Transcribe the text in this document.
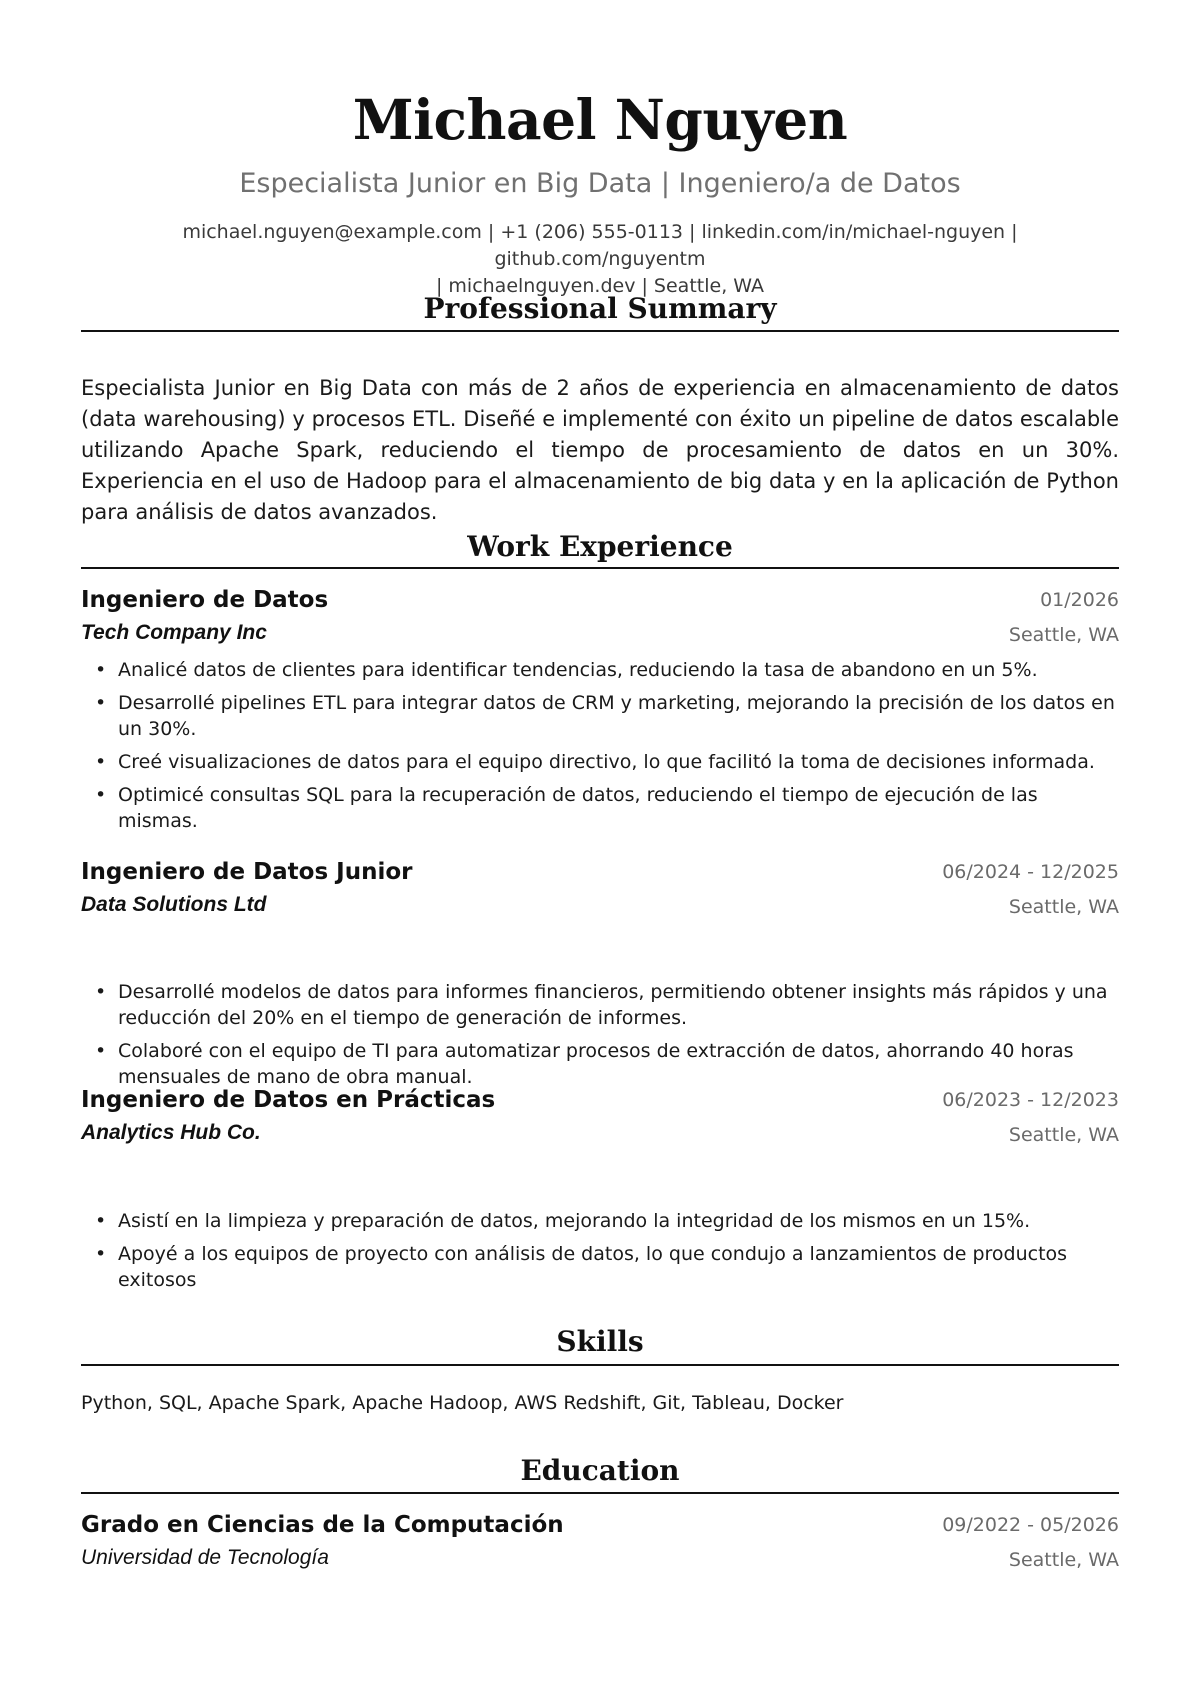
Michael Nguyen
Especialista Junior en Big Data | Ingeniero/a de Datos
michael.nguyen@example.com | +1 (206) 555-0113 | linkedin.com/in/michael-nguyen | github.com/nguyentm
| michaelnguyen.dev | Seattle, WA
Professional Summary
Especialista Junior en Big Data con más de 2 años de experiencia en almacenamiento de datos (data warehousing) y procesos ETL. Diseñé e implementé con éxito un pipeline de datos escalable utilizando Apache Spark, reduciendo el tiempo de procesamiento de datos en un 30%. Experiencia en el uso de Hadoop para el almacenamiento de big data y en la aplicación de Python para análisis de datos avanzados.
Work Experience
Ingeniero de Datos	01/2026
Tech Company Inc	Seattle, WA
• Analicé datos de clientes para identificar tendencias, reduciendo la tasa de abandono en un 5%.
• Desarrollé pipelines ETL para integrar datos de CRM y marketing, mejorando la precisión de los datos en un 30%.
• Creé visualizaciones de datos para el equipo directivo, lo que facilitó la toma de decisiones informada.
• Optimicé consultas SQL para la recuperación de datos, reduciendo el tiempo de ejecución de las mismas.
Ingeniero de Datos Junior	06/2024 - 12/2025
Data Solutions Ltd	Seattle, WA
• Desarrollé modelos de datos para informes financieros, permitiendo obtener insights más rápidos y una reducción del 20% en el tiempo de generación de informes.
• Colaboré con el equipo de TI para automatizar procesos de extracción de datos, ahorrando 40 horas mensuales de mano de obra manual.
Ingeniero de Datos en Prácticas	06/2023 - 12/2023
Analytics Hub Co.	Seattle, WA
• Asistí en la limpieza y preparación de datos, mejorando la integridad de los mismos en un 15%.
• Apoyé a los equipos de proyecto con análisis de datos, lo que condujo a lanzamientos de productos exitosos
Skills
Python, SQL, Apache Spark, Apache Hadoop, AWS Redshift, Git, Tableau, Docker
Education
Grado en Ciencias de la Computación	09/2022 - 05/2026
Universidad de Tecnología	Seattle, WA
